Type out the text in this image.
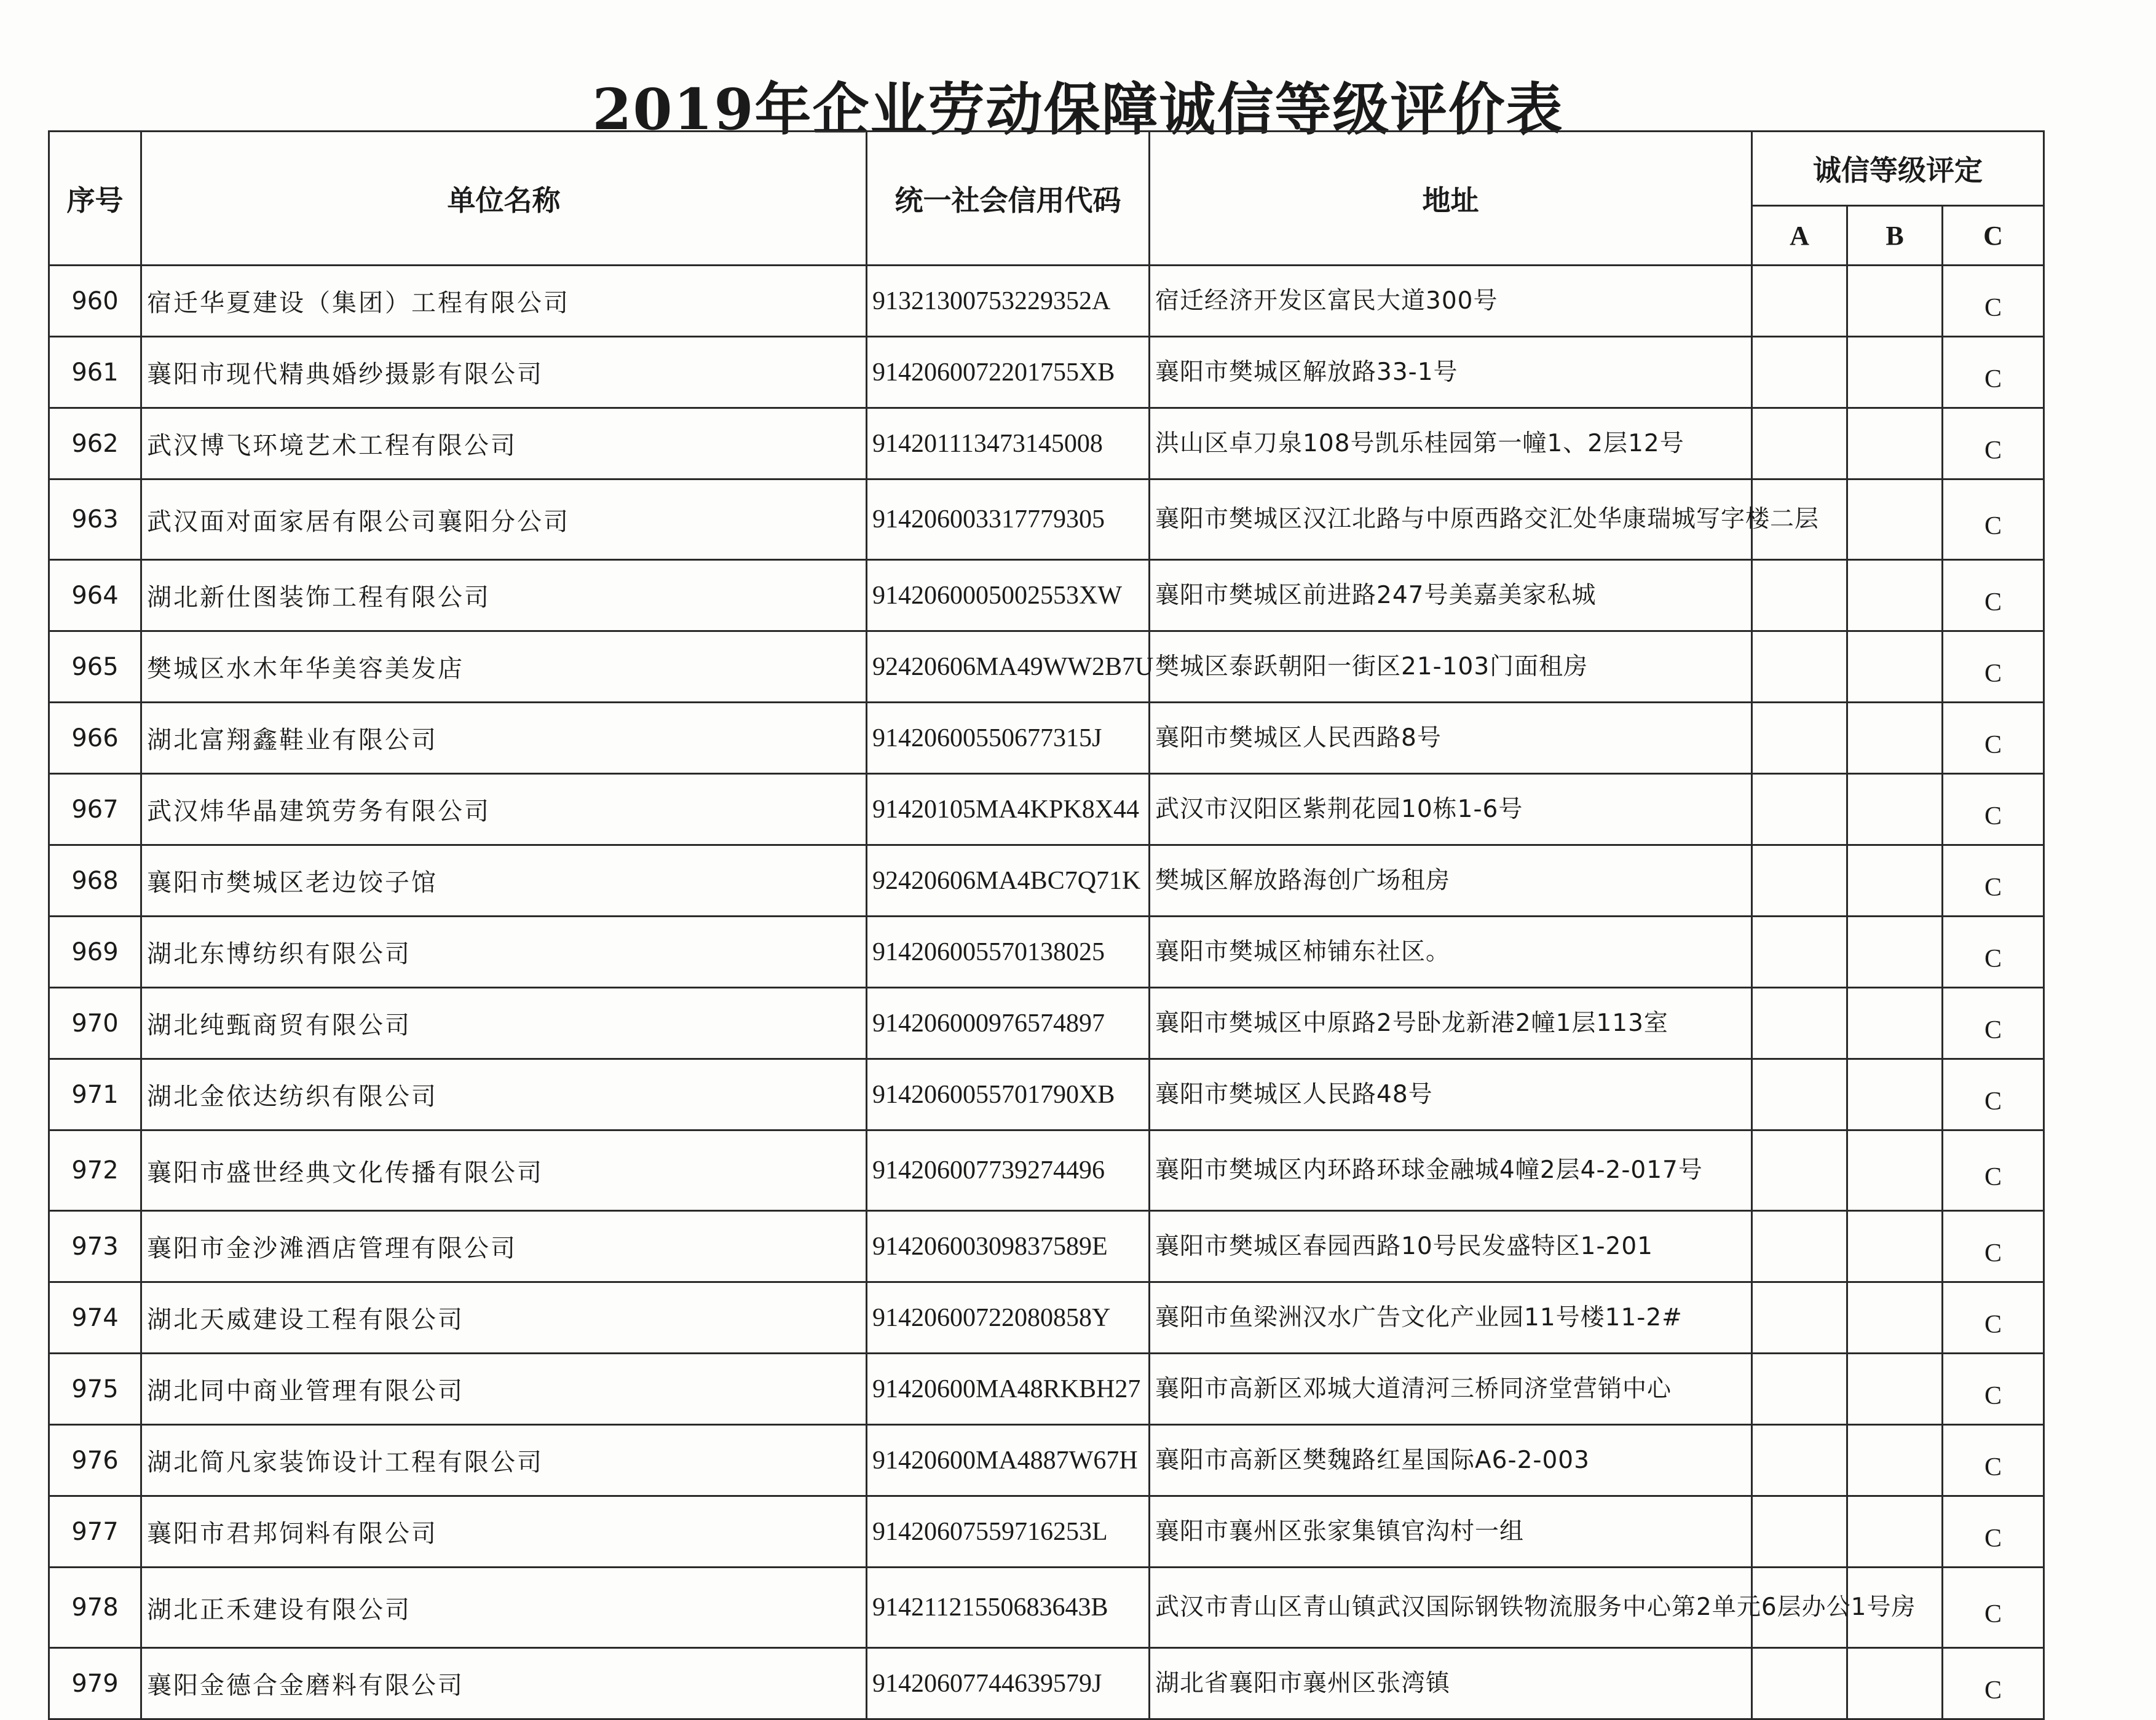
2019年企业劳动保障诚信等级评价表
序号	单位名称	统一社会信用代码	地址	诚信等级评定		
				A	B	C
960	宿迁华夏建设（集团）工程有限公司	91321300753229352A	宿迁经济开发区富民大道300号			C
961	襄阳市现代精典婚纱摄影有限公司	9142060072201755XB	襄阳市樊城区解放路33-1号			C
962	武汉博飞环境艺术工程有限公司	914201113473145008	洪山区卓刀泉108号凯乐桂园第一幢1、2层12号			C
963	武汉面对面家居有限公司襄阳分公司	914206003317779305	襄阳市樊城区汉江北路与中原西路交汇处华康瑞城写字楼二层			C
964	湖北新仕图装饰工程有限公司	9142060005002553XW	襄阳市樊城区前进路247号美嘉美家私城			C
965	樊城区水木年华美容美发店	92420606MA49WW2B7U	樊城区泰跃朝阳一街区21-103门面租房			C
966	湖北富翔鑫鞋业有限公司	91420600550677315J	襄阳市樊城区人民西路8号			C
967	武汉炜华晶建筑劳务有限公司	91420105MA4KPK8X44	武汉市汉阳区紫荆花园10栋1-6号			C
968	襄阳市樊城区老边饺子馆	92420606MA4BC7Q71K	樊城区解放路海创广场租房			C
969	湖北东博纺织有限公司	914206005570138025	襄阳市樊城区柿铺东社区。			C
970	湖北纯甄商贸有限公司	914206000976574897	襄阳市樊城区中原路2号卧龙新港2幢1层113室			C
971	湖北金依达纺织有限公司	9142060055701790XB	襄阳市樊城区人民路48号			C
972	襄阳市盛世经典文化传播有限公司	914206007739274496	襄阳市樊城区内环路环球金融城4幢2层4-2-017号			C
973	襄阳市金沙滩酒店管理有限公司	91420600309837589E	襄阳市樊城区春园西路10号民发盛特区1-201			C
974	湖北天威建设工程有限公司	91420600722080858Y	襄阳市鱼梁洲汉水广告文化产业园11号楼11-2#			C
975	湖北同中商业管理有限公司	91420600MA48RKBH27	襄阳市高新区邓城大道清河三桥同济堂营销中心			C
976	湖北简凡家装饰设计工程有限公司	91420600MA4887W67H	襄阳市高新区樊魏路红星国际A6-2-003			C
977	襄阳市君邦饲料有限公司	91420607559716253L	襄阳市襄州区张家集镇官沟村一组			C
978	湖北正禾建设有限公司	91421121550683643B	武汉市青山区青山镇武汉国际钢铁物流服务中心第2单元6层办公1号房			C
979	襄阳金德合金磨料有限公司	91420607744639579J	湖北省襄阳市襄州区张湾镇			C
